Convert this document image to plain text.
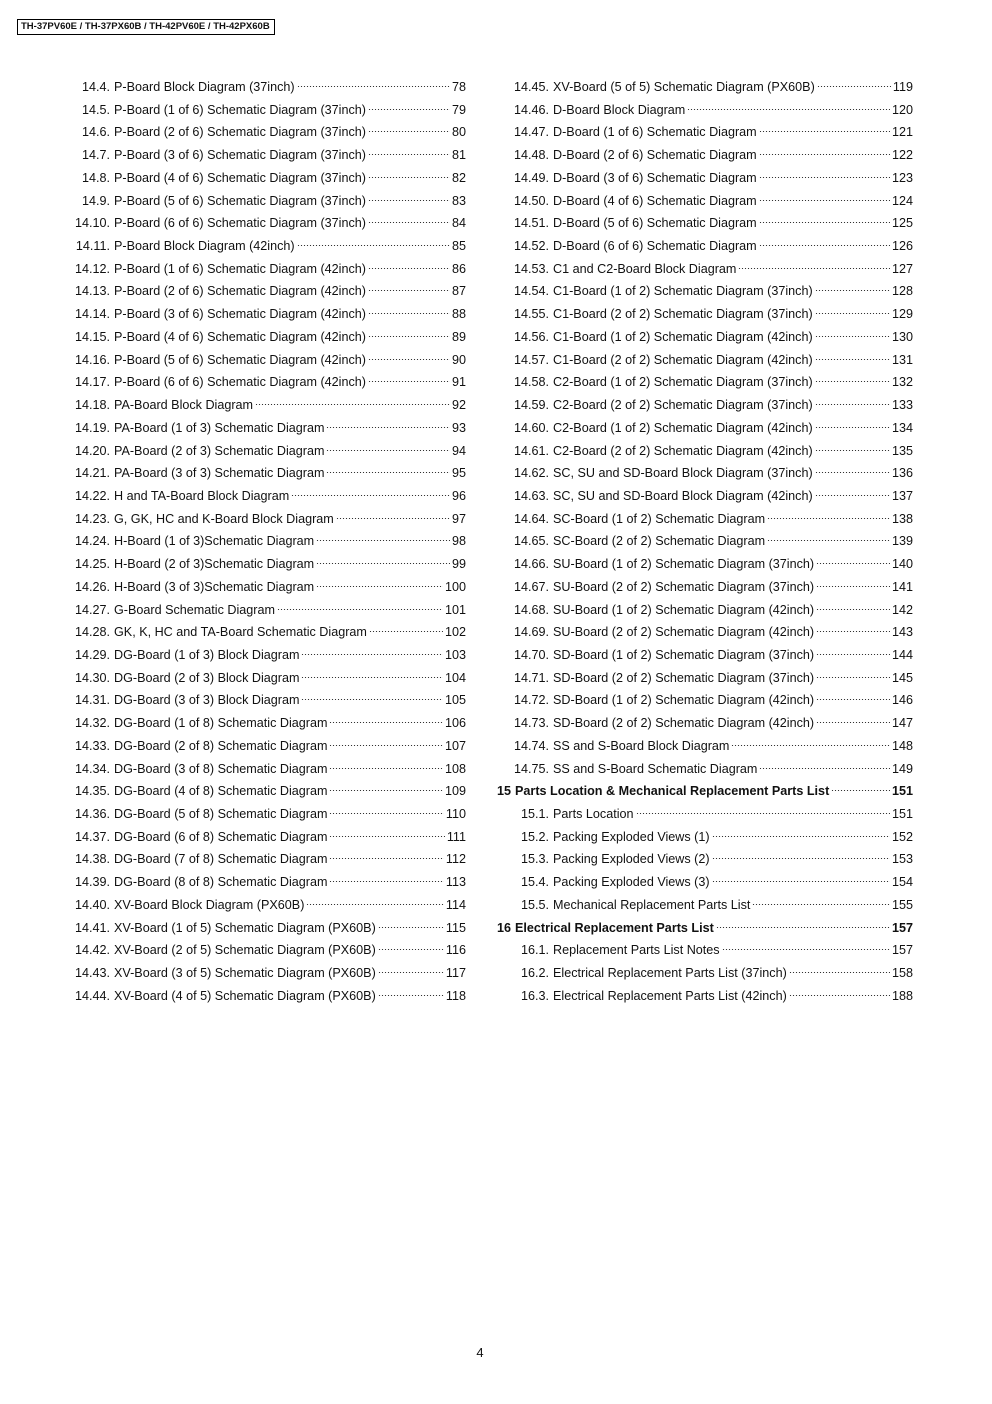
TH-37PV60E / TH-37PX60B / TH-42PV60E / TH-42PX60B
14.4. P-Board Block Diagram (37inch)	78
14.5. P-Board (1 of 6) Schematic Diagram (37inch)	79
14.6. P-Board (2 of 6) Schematic Diagram (37inch)	80
14.7. P-Board (3 of 6) Schematic Diagram (37inch)	81
14.8. P-Board (4 of 6) Schematic Diagram (37inch)	82
14.9. P-Board (5 of 6) Schematic Diagram (37inch)	83
14.10. P-Board (6 of 6) Schematic Diagram (37inch)	84
14.11. P-Board Block Diagram (42inch)	85
14.12. P-Board (1 of 6) Schematic Diagram (42inch)	86
14.13. P-Board (2 of 6) Schematic Diagram (42inch)	87
14.14. P-Board (3 of 6) Schematic Diagram (42inch)	88
14.15. P-Board (4 of 6) Schematic Diagram (42inch)	89
14.16. P-Board (5 of 6) Schematic Diagram (42inch)	90
14.17. P-Board (6 of 6) Schematic Diagram (42inch)	91
14.18. PA-Board Block Diagram	92
14.19. PA-Board (1 of 3) Schematic Diagram	93
14.20. PA-Board (2 of 3) Schematic Diagram	94
14.21. PA-Board (3 of 3) Schematic Diagram	95
14.22. H and TA-Board Block Diagram	96
14.23. G, GK, HC and K-Board Block Diagram	97
14.24. H-Board (1 of 3)Schematic Diagram	98
14.25. H-Board (2 of 3)Schematic Diagram	99
14.26. H-Board (3 of 3)Schematic Diagram	100
14.27. G-Board Schematic Diagram	101
14.28. GK, K, HC and TA-Board Schematic Diagram	102
14.29. DG-Board (1 of 3) Block Diagram	103
14.30. DG-Board (2 of 3) Block Diagram	104
14.31. DG-Board (3 of 3) Block Diagram	105
14.32. DG-Board (1 of 8) Schematic Diagram	106
14.33. DG-Board (2 of 8) Schematic Diagram	107
14.34. DG-Board (3 of 8) Schematic Diagram	108
14.35. DG-Board (4 of 8) Schematic Diagram	109
14.36. DG-Board (5 of 8) Schematic Diagram	110
14.37. DG-Board (6 of 8) Schematic Diagram	111
14.38. DG-Board (7 of 8) Schematic Diagram	112
14.39. DG-Board (8 of 8) Schematic Diagram	113
14.40. XV-Board Block Diagram (PX60B)	114
14.41. XV-Board (1 of 5) Schematic Diagram (PX60B)	115
14.42. XV-Board (2 of 5) Schematic Diagram (PX60B)	116
14.43. XV-Board (3 of 5) Schematic Diagram (PX60B)	117
14.44. XV-Board (4 of 5) Schematic Diagram (PX60B)	118
14.45. XV-Board (5 of 5) Schematic Diagram (PX60B)	119
14.46. D-Board Block Diagram	120
14.47. D-Board (1 of 6) Schematic Diagram	121
14.48. D-Board (2 of 6) Schematic Diagram	122
14.49. D-Board (3 of 6) Schematic Diagram	123
14.50. D-Board (4 of 6) Schematic Diagram	124
14.51. D-Board (5 of 6) Schematic Diagram	125
14.52. D-Board (6 of 6) Schematic Diagram	126
14.53. C1 and C2-Board Block Diagram	127
14.54. C1-Board (1 of 2) Schematic Diagram (37inch)	128
14.55. C1-Board (2 of 2) Schematic Diagram (37inch)	129
14.56. C1-Board (1 of 2) Schematic Diagram (42inch)	130
14.57. C1-Board (2 of 2) Schematic Diagram (42inch)	131
14.58. C2-Board (1 of 2) Schematic Diagram (37inch)	132
14.59. C2-Board (2 of 2) Schematic Diagram (37inch)	133
14.60. C2-Board (1 of 2) Schematic Diagram (42inch)	134
14.61. C2-Board (2 of 2) Schematic Diagram (42inch)	135
14.62. SC, SU and SD-Board Block Diagram (37inch)	136
14.63. SC, SU and SD-Board Block Diagram (42inch)	137
14.64. SC-Board (1 of 2) Schematic Diagram	138
14.65. SC-Board (2 of 2) Schematic Diagram	139
14.66. SU-Board (1 of 2) Schematic Diagram (37inch)	140
14.67. SU-Board (2 of 2) Schematic Diagram (37inch)	141
14.68. SU-Board (1 of 2) Schematic Diagram (42inch)	142
14.69. SU-Board (2 of 2) Schematic Diagram (42inch)	143
14.70. SD-Board (1 of 2) Schematic Diagram (37inch)	144
14.71. SD-Board (2 of 2) Schematic Diagram (37inch)	145
14.72. SD-Board (1 of 2) Schematic Diagram (42inch)	146
14.73. SD-Board (2 of 2) Schematic Diagram (42inch)	147
14.74. SS and S-Board Block Diagram	148
14.75. SS and S-Board Schematic Diagram	149
15 Parts Location & Mechanical Replacement Parts List	151
15.1. Parts Location	151
15.2. Packing Exploded Views (1)	152
15.3. Packing Exploded Views (2)	153
15.4. Packing Exploded Views (3)	154
15.5. Mechanical Replacement Parts List	155
16 Electrical Replacement Parts List	157
16.1. Replacement Parts List Notes	157
16.2. Electrical Replacement Parts List (37inch)	158
16.3. Electrical Replacement Parts List (42inch)	188
4
